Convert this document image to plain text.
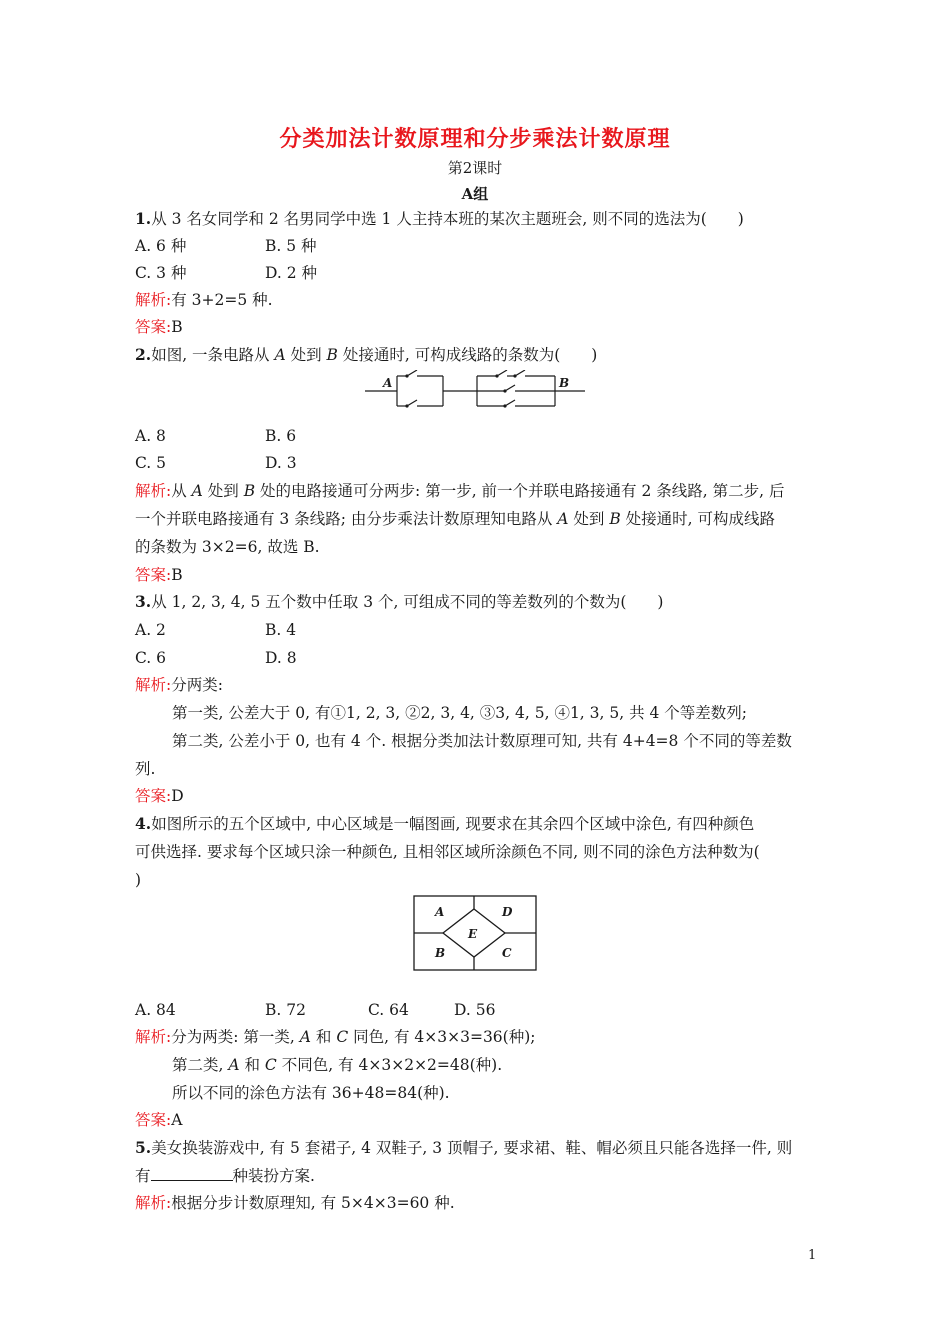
分类加法计数原理和分步乘法计数原理
第2课时
A组
1.从 3 名女同学和 2 名男同学中选 1 人主持本班的某次主题班会, 则不同的选法为(　　)
A. 6 种	B. 5 种
C. 3 种	D. 2 种
解析:有 3+2=5 种.
答案:B
2.如图, 一条电路从 A 处到 B 处接通时, 可构成线路的条数为(　　)
A	B
A. 8	B. 6
C. 5	D. 3
解析:从 A 处到 B 处的电路接通可分两步: 第一步, 前一个并联电路接通有 2 条线路, 第二步, 后
一个并联电路接通有 3 条线路; 由分步乘法计数原理知电路从 A 处到 B 处接通时, 可构成线路
的条数为 3×2=6, 故选 B.
答案:B
3.从 1, 2, 3, 4, 5 五个数中任取 3 个, 可组成不同的等差数列的个数为(　　)
A. 2	B. 4
C. 6	D. 8
解析:分两类:
第一类, 公差大于 0, 有①1, 2, 3, ②2, 3, 4, ③3, 4, 5, ④1, 3, 5, 共 4 个等差数列;
第二类, 公差小于 0, 也有 4 个. 根据分类加法计数原理可知, 共有 4+4=8 个不同的等差数
列.
答案:D
4.如图所示的五个区域中, 中心区域是一幅图画, 现要求在其余四个区域中涂色, 有四种颜色
可供选择. 要求每个区域只涂一种颜色, 且相邻区域所涂颜色不同, 则不同的涂色方法种数为(
)
A	D
E
B	C
A. 84	B. 72	C. 64	D. 56
解析:分为两类: 第一类, A 和 C 同色, 有 4×3×3=36(种);
第二类, A 和 C 不同色, 有 4×3×2×2=48(种).
所以不同的涂色方法有 36+48=84(种).
答案:A
5.美女换装游戏中, 有 5 套裙子, 4 双鞋子, 3 顶帽子, 要求裙、鞋、帽必须且只能各选择一件, 则
有	种装扮方案.
解析:根据分步计数原理知, 有 5×4×3=60 种.
1
